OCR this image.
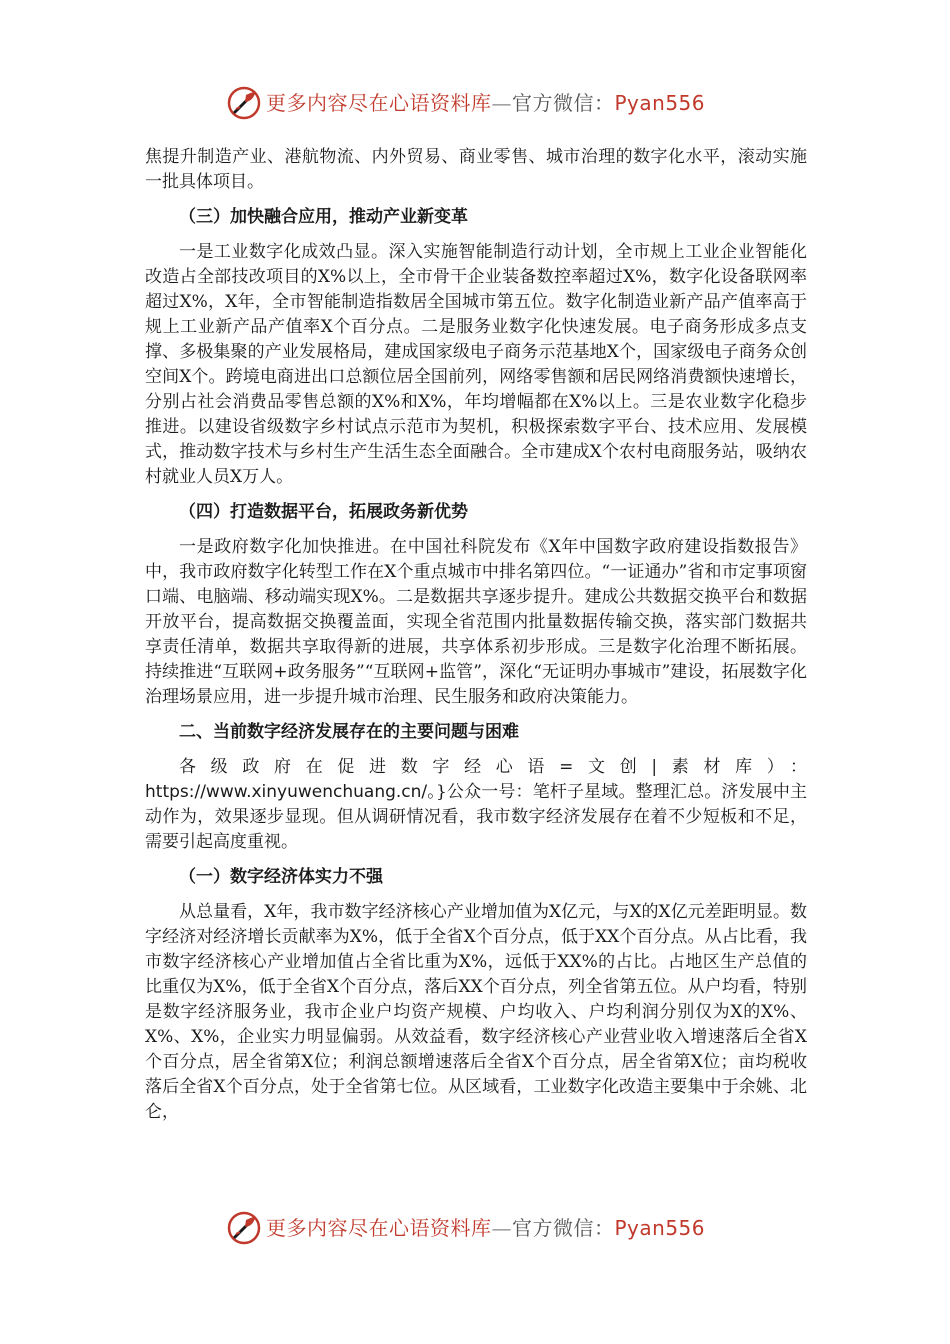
更多内容尽在心语资料库—官方微信：Pyan556

焦提升制造产业、港航物流、内外贸易、商业零售、城市治理的数字化水平，滚动实施一批具体项目。

（三）加快融合应用，推动产业新变革

一是工业数字化成效凸显。深入实施智能制造行动计划，全市规上工业企业智能化改造占全部技改项目的X%以上，全市骨干企业装备数控率超过X%，数字化设备联网率超过X%，X年，全市智能制造指数居全国城市第五位。数字化制造业新产品产值率高于规上工业新产品产值率X个百分点。二是服务业数字化快速发展。电子商务形成多点支撑、多极集聚的产业发展格局，建成国家级电子商务示范基地X个，国家级电子商务众创空间X个。跨境电商进出口总额位居全国前列，网络零售额和居民网络消费额快速增长，分别占社会消费品零售总额的X%和X%，年均增幅都在X%以上。三是农业数字化稳步推进。以建设省级数字乡村试点示范市为契机，积极探索数字平台、技术应用、发展模式，推动数字技术与乡村生产生活生态全面融合。全市建成X个农村电商服务站，吸纳农村就业人员X万人。

（四）打造数据平台，拓展政务新优势

一是政府数字化加快推进。在中国社科院发布《X年中国数字政府建设指数报告》中，我市政府数字化转型工作在X个重点城市中排名第四位。“一证通办”省和市定事项窗口端、电脑端、移动端实现X%。二是数据共享逐步提升。建成公共数据交换平台和数据开放平台，提高数据交换覆盖面，实现全省范围内批量数据传输交换，落实部门数据共享责任清单，数据共享取得新的进展，共享体系初步形成。三是数字化治理不断拓展。持续推进“互联网+政务服务”“互联网+监管”，深化“无证明办事城市”建设，拓展数字化治理场景应用，进一步提升城市治理、民生服务和政府决策能力。

二、当前数字经济发展存在的主要问题与困难

各级政府在促进数字经心语=文创|素材库）：https://www.xinyuwenchuang.cn/。}公众一号：笔杆子星域。整理汇总。济发展中主动作为，效果逐步显现。但从调研情况看，我市数字经济发展存在着不少短板和不足，需要引起高度重视。

（一）数字经济体实力不强

从总量看，X年，我市数字经济核心产业增加值为X亿元，与X的X亿元差距明显。数字经济对经济增长贡献率为X%，低于全省X个百分点，低于XX个百分点。从占比看，我市数字经济核心产业增加值占全省比重为X%，远低于XX%的占比。占地区生产总值的比重仅为X%，低于全省X个百分点，落后XX个百分点，列全省第五位。从户均看，特别是数字经济服务业，我市企业户均资产规模、户均收入、户均利润分别仅为X的X%、X%、X%，企业实力明显偏弱。从效益看，数字经济核心产业营业收入增速落后全省X个百分点，居全省第X位；利润总额增速落后全省X个百分点，居全省第X位；亩均税收落后全省X个百分点，处于全省第七位。从区域看，工业数字化改造主要集中于余姚、北仑，

更多内容尽在心语资料库—官方微信：Pyan556
